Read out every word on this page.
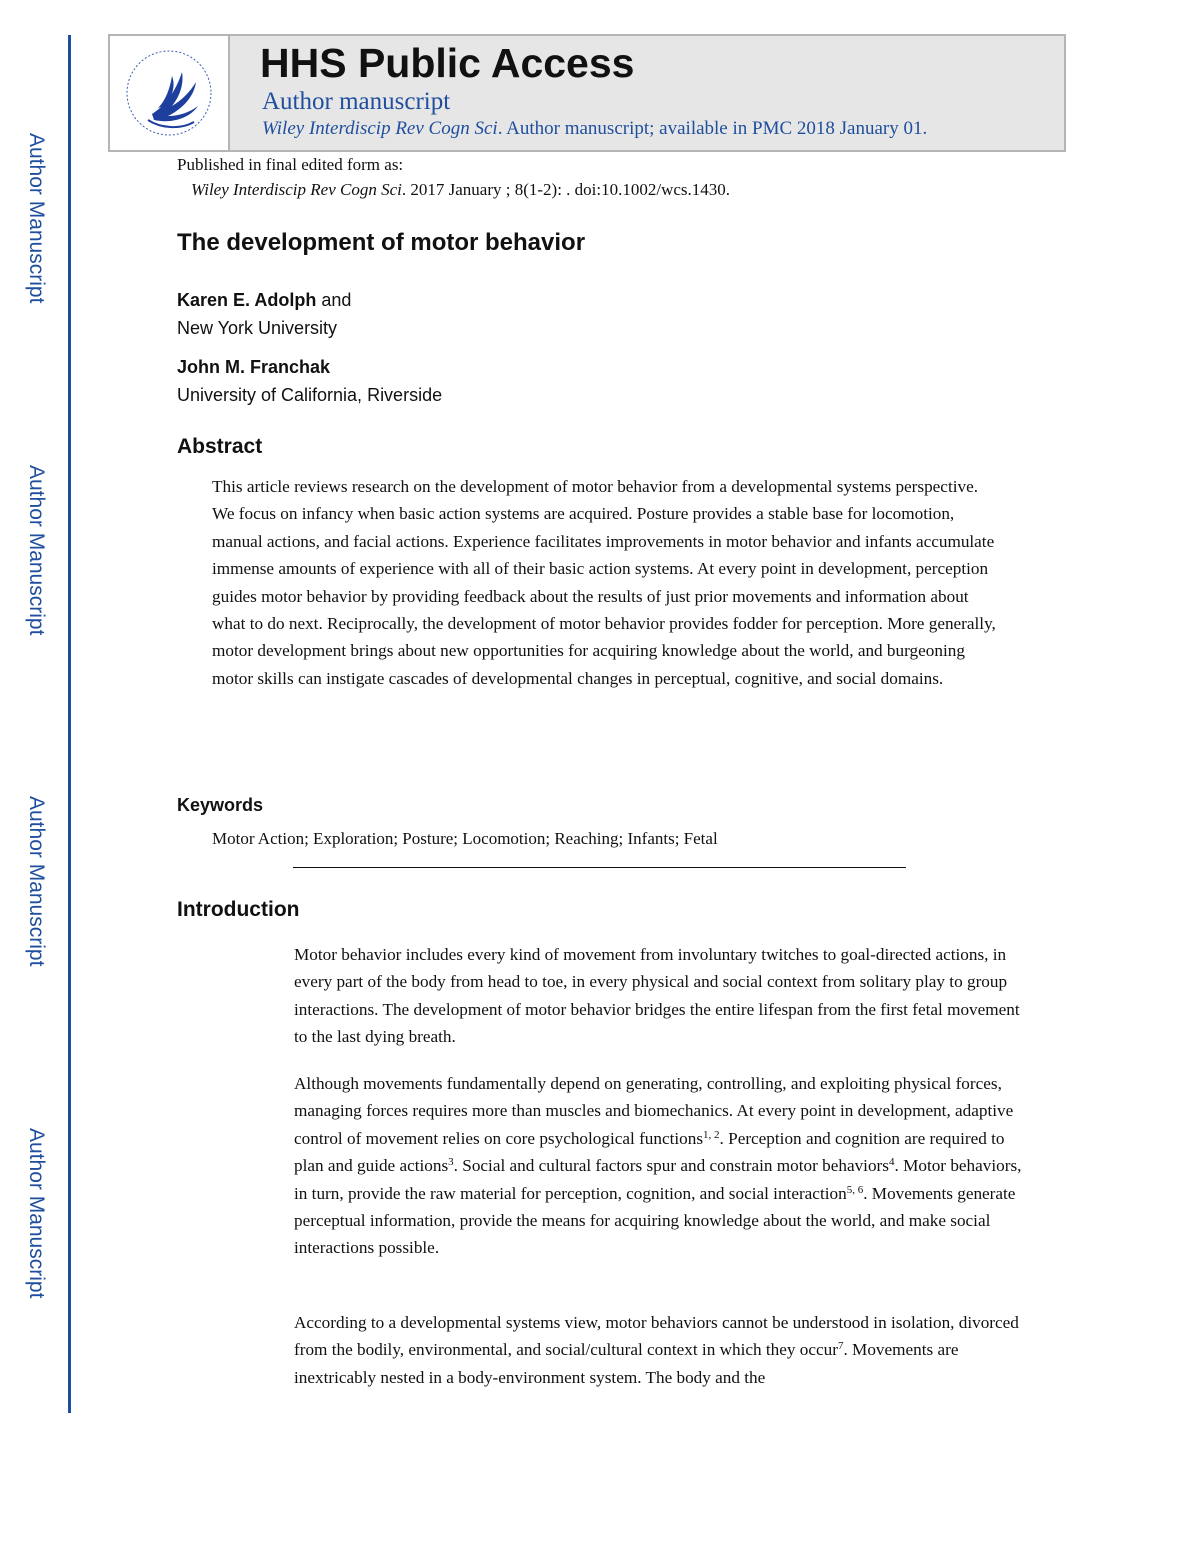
Author Manuscript
Author Manuscript
Author Manuscript
Author Manuscript
HHS Public Access
Author manuscript
Wiley Interdiscip Rev Cogn Sci. Author manuscript; available in PMC 2018 January 01.
Published in final edited form as:
Wiley Interdiscip Rev Cogn Sci. 2017 January ; 8(1-2): . doi:10.1002/wcs.1430.
The development of motor behavior
Karen E. Adolph and
New York University
John M. Franchak
University of California, Riverside
Abstract
This article reviews research on the development of motor behavior from a developmental systems perspective. We focus on infancy when basic action systems are acquired. Posture provides a stable base for locomotion, manual actions, and facial actions. Experience facilitates improvements in motor behavior and infants accumulate immense amounts of experience with all of their basic action systems. At every point in development, perception guides motor behavior by providing feedback about the results of just prior movements and information about what to do next. Reciprocally, the development of motor behavior provides fodder for perception. More generally, motor development brings about new opportunities for acquiring knowledge about the world, and burgeoning motor skills can instigate cascades of developmental changes in perceptual, cognitive, and social domains.
Keywords
Motor Action; Exploration; Posture; Locomotion; Reaching; Infants; Fetal
Introduction
Motor behavior includes every kind of movement from involuntary twitches to goal-directed actions, in every part of the body from head to toe, in every physical and social context from solitary play to group interactions. The development of motor behavior bridges the entire lifespan from the first fetal movement to the last dying breath.
Although movements fundamentally depend on generating, controlling, and exploiting physical forces, managing forces requires more than muscles and biomechanics. At every point in development, adaptive control of movement relies on core psychological functions$^{1, 2}$. Perception and cognition are required to plan and guide actions$^3$. Social and cultural factors spur and constrain motor behaviors$^4$. Motor behaviors, in turn, provide the raw material for perception, cognition, and social interaction$^{5, 6}$. Movements generate perceptual information, provide the means for acquiring knowledge about the world, and make social interactions possible.
According to a developmental systems view, motor behaviors cannot be understood in isolation, divorced from the bodily, environmental, and social/cultural context in which they occur$^7$. Movements are inextricably nested in a body-environment system. The body and the
